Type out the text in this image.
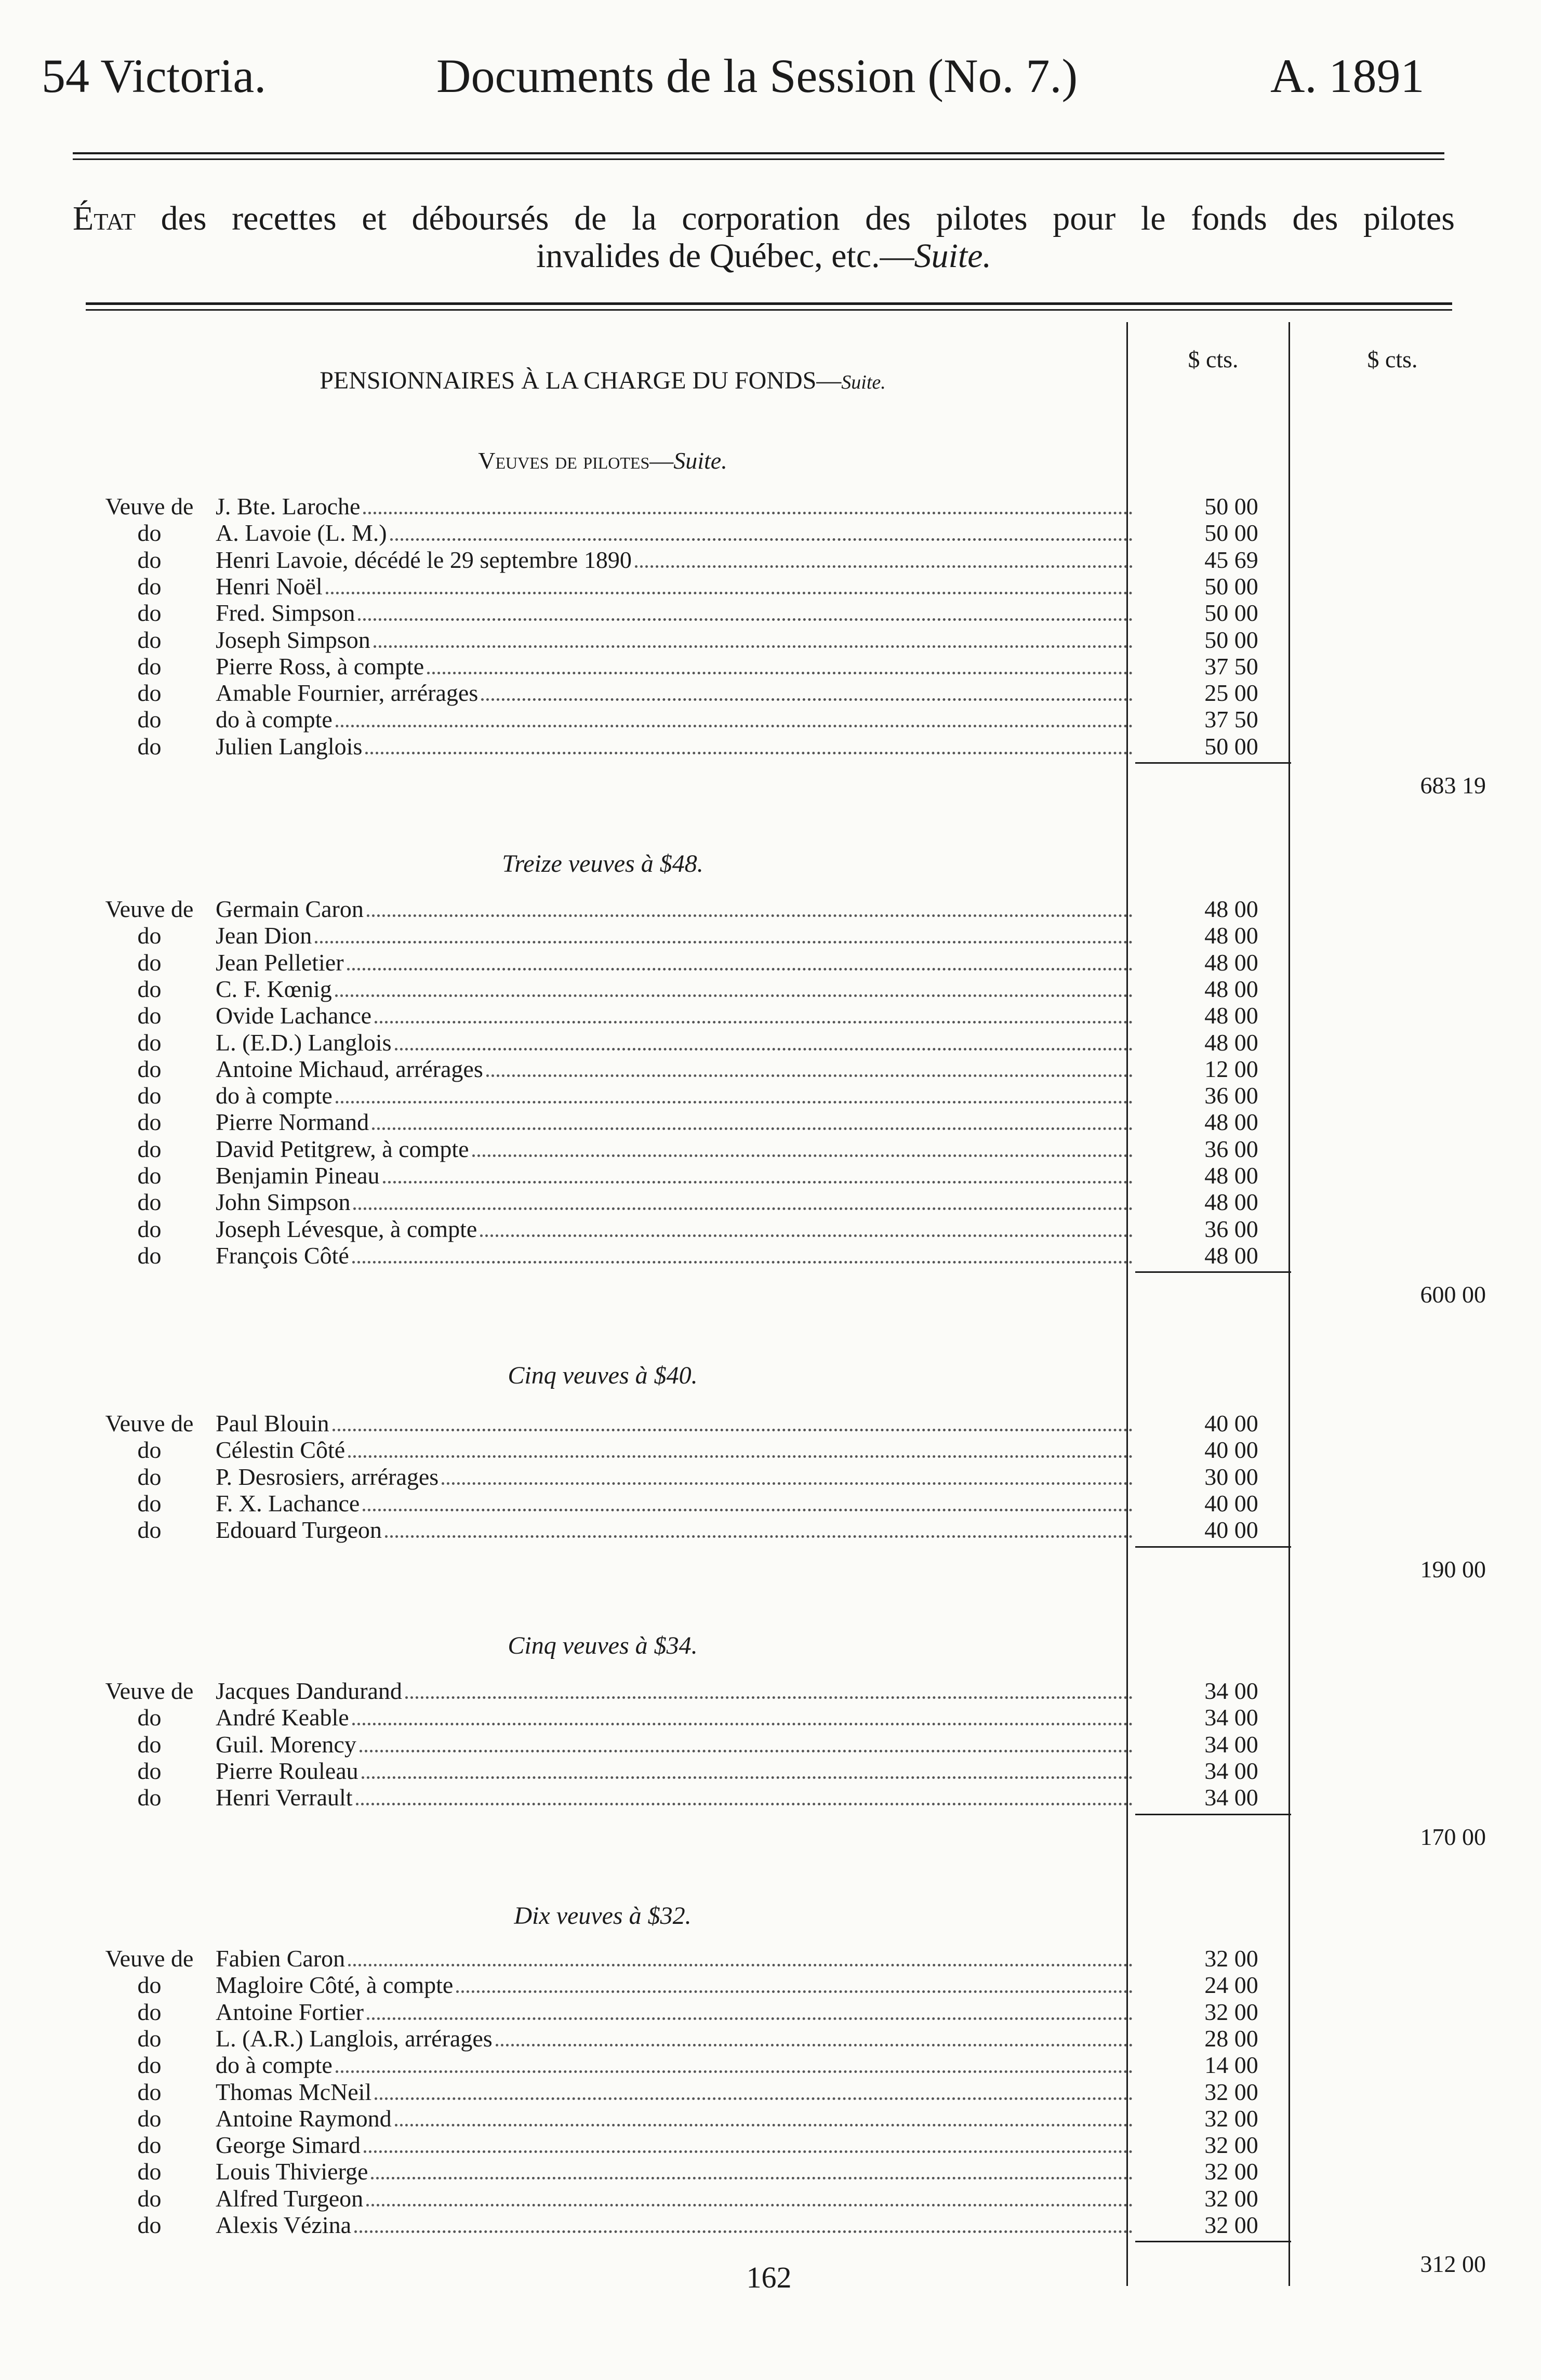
54 Victoria.	Documents de la Session (No. 7.)	A. 1891
État des recettes et déboursés de la corporation des pilotes pour le fonds des pilotes
invalides de Québec, etc.—Suite.
$ cts.	$ cts.
PENSIONNAIRES À LA CHARGE DU FONDS—Suite.
Veuves de pilotes—Suite.
Veuve de J. Bte. Laroche	50 00
do	A. Lavoie (L. M.)	50 00
do	Henri Lavoie, décédé le 29 septembre 1890	45 69
do	Henri Noël	50 00
do	Fred. Simpson	50 00
do	Joseph Simpson	50 00
do	Pierre Ross, à compte	37 50
do	Amable Fournier, arrérages	25 00
do	do à compte	37 50
do	Julien Langlois	50 00
683 19
Treize veuves à $48.
Veuve de Germain Caron	48 00
do	Jean Dion	48 00
do	Jean Pelletier	48 00
do	C. F. Kœnig	48 00
do	Ovide Lachance	48 00
do	L. (E.D.) Langlois	48 00
do	Antoine Michaud, arrérages	12 00
do	do à compte	36 00
do	Pierre Normand	48 00
do	David Petitgrew, à compte	36 00
do	Benjamin Pineau	48 00
do	John Simpson	48 00
do	Joseph Lévesque, à compte	36 00
do	François Côté	48 00
600 00
Cinq veuves à $40.
Veuve de Paul Blouin	40 00
do	Célestin Côté	40 00
do	P. Desrosiers, arrérages	30 00
do	F. X. Lachance	40 00
do	Edouard Turgeon	40 00
190 00
Cinq veuves à $34.
Veuve de Jacques Dandurand	34 00
do	André Keable	34 00
do	Guil. Morency	34 00
do	Pierre Rouleau	34 00
do	Henri Verrault	34 00
170 00
Dix veuves à $32.
Veuve de Fabien Caron	32 00
do	Magloire Côté, à compte	24 00
do	Antoine Fortier	32 00
do	L. (A.R.) Langlois, arrérages	28 00
do	do à compte	14 00
do	Thomas McNeil	32 00
do	Antoine Raymond	32 00
do	George Simard	32 00
do	Louis Thivierge	32 00
do	Alfred Turgeon	32 00
do	Alexis Vézina	32 00
312 00
162
